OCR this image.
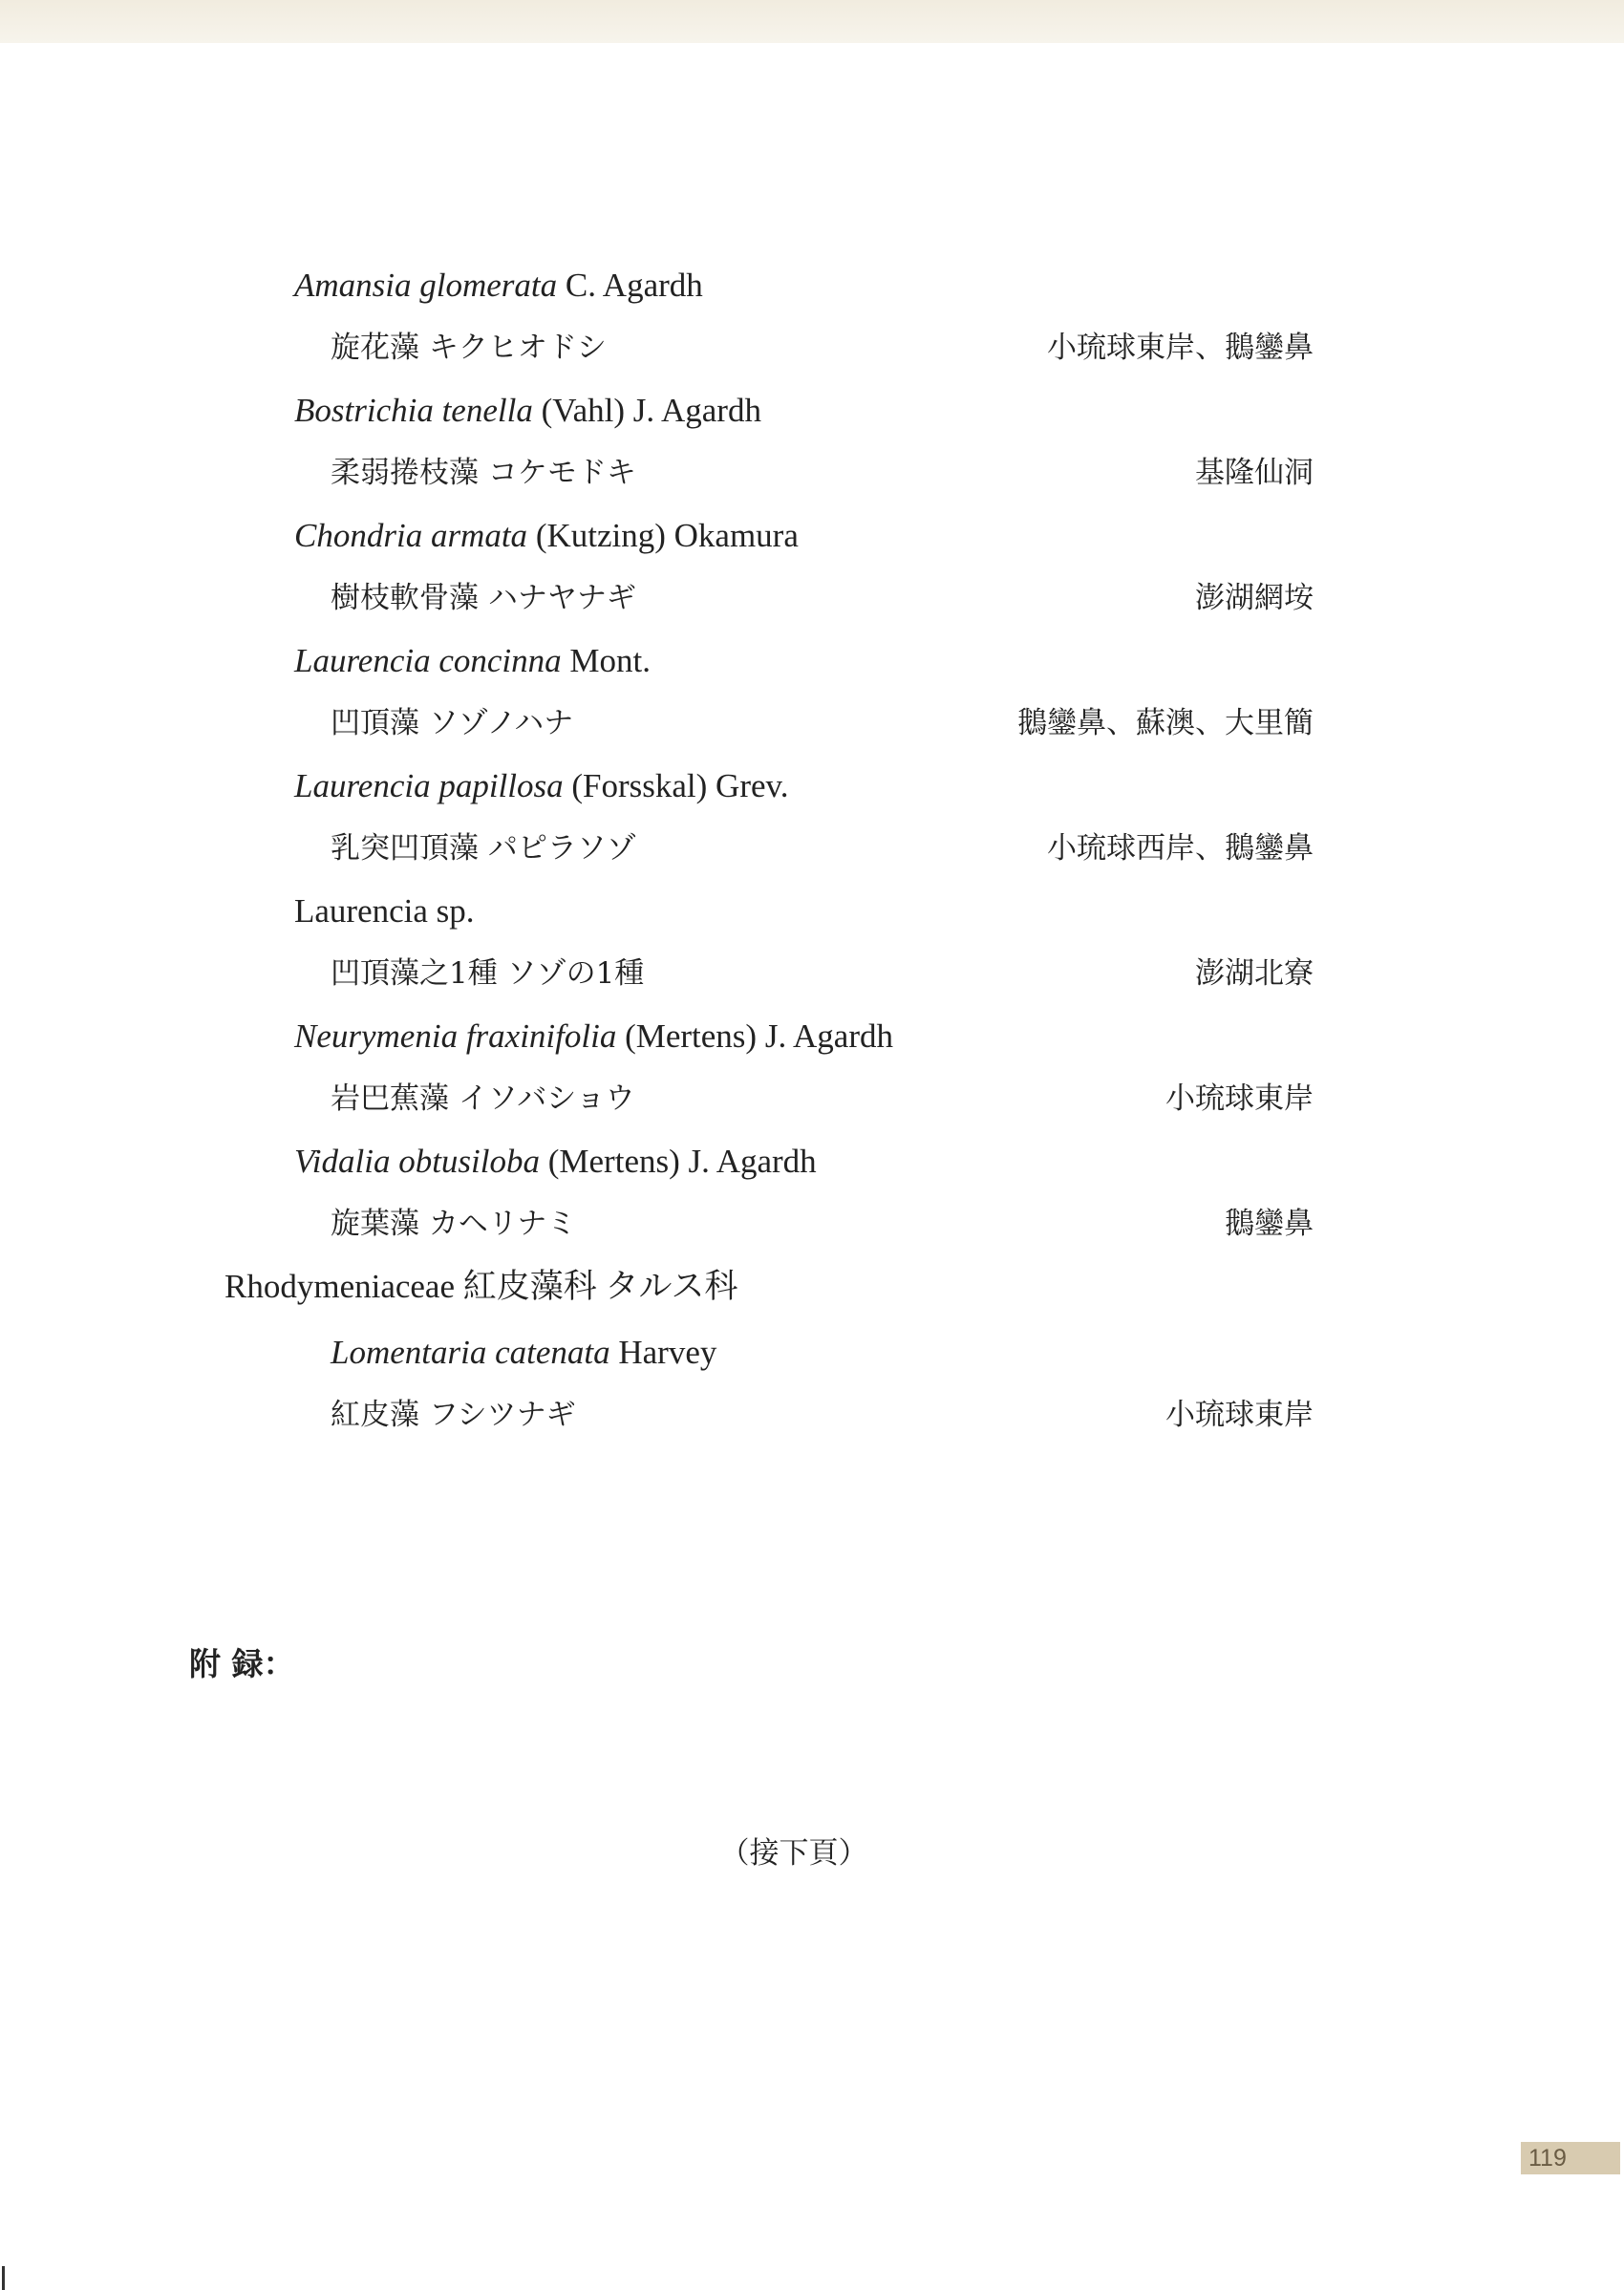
Amansia glomerata C. Agardh
旋花藻 キクヒオドシ	小琉球東岸、鵝鑾鼻
Bostrichia tenella (Vahl) J. Agardh
柔弱捲枝藻 コケモドキ	基隆仙洞
Chondria armata (Kutzing) Okamura
樹枝軟骨藻 ハナヤナギ	澎湖網垵
Laurencia concinna Mont.
凹頂藻 ソゾノハナ	鵝鑾鼻、蘇澳、大里簡
Laurencia papillosa (Forsskal) Grev.
乳突凹頂藻 パピラソゾ	小琉球西岸、鵝鑾鼻
Laurencia sp.
凹頂藻之1種 ソゾの1種	澎湖北寮
Neurymenia fraxinifolia (Mertens) J. Agardh
岩巴蕉藻 イソバショウ	小琉球東岸
Vidalia obtusiloba (Mertens) J. Agardh
旋葉藻 カヘリナミ	鵝鑾鼻
Rhodymeniaceae 紅皮藻科 タルス科
Lomentaria catenata Harvey
紅皮藻 フシツナギ	小琉球東岸
附 録：
（接下頁）
119
